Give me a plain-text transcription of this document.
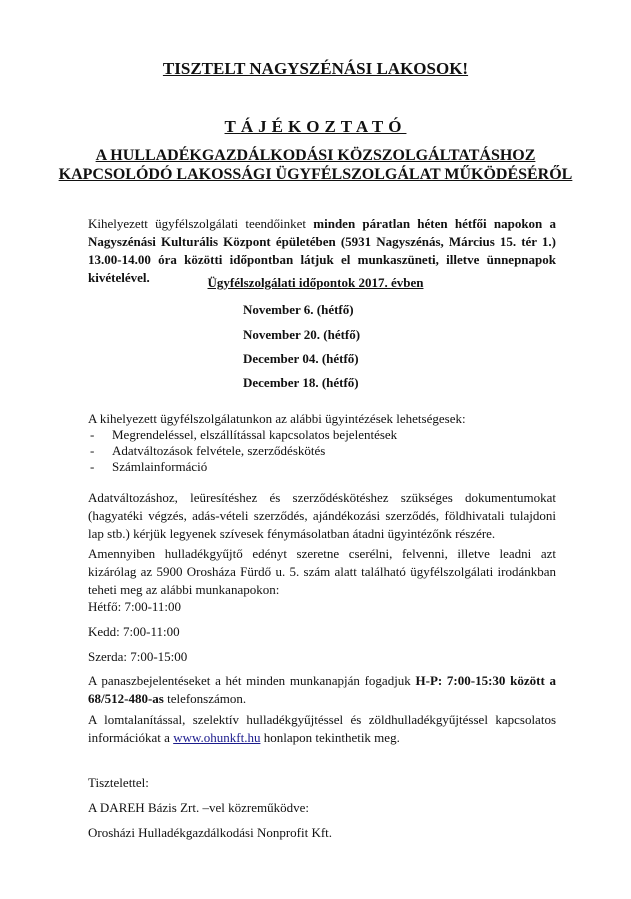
TISZTELT NAGYSZÉNÁSI LAKOSOK!
TÁJÉKOZTATÓ
A HULLADÉKGAZDÁLKODÁSI KÖZSZOLGÁLTATÁSHOZ
KAPCSOLÓDÓ LAKOSSÁGI ÜGYFÉLSZOLGÁLAT MŰKÖDÉSÉRŐL
Kihelyezett ügyfélszolgálati teendőinket minden páratlan héten hétfői napokon a Nagyszénási Kulturális Központ épületében (5931 Nagyszénás, Március 15. tér 1.) 13.00-14.00 óra közötti időpontban látjuk el munkaszüneti, illetve ünnepnapok kivételével.	Ügyfélszolgálati időpontok 2017. évben
November 6. (hétfő)
November 20. (hétfő)
December 04. (hétfő)
December 18. (hétfő)
A kihelyezett ügyfélszolgálatunkon az alábbi ügyintézések lehetségesek:
- Megrendeléssel, elszállítással kapcsolatos bejelentések
- Adatváltozások felvétele, szerződéskötés
- Számlainformáció
Adatváltozáshoz, leüresítéshez és szerződéskötéshez szükséges dokumentumokat (hagyatéki végzés, adás-vételi szerződés, ajándékozási szerződés, földhivatali tulajdoni lap stb.) kérjük legyenek szívesek fénymásolatban átadni ügyintézőnk részére.
Amennyiben hulladékgyűjtő edényt szeretne cserélni, felvenni, illetve leadni azt kizárólag az 5900 Orosháza Fürdő u. 5. szám alatt található ügyfélszolgálati irodánkban teheti meg az alábbi munkanapokon:
Hétfő: 7:00-11:00
Kedd: 7:00-11:00
Szerda: 7:00-15:00
A panaszbejelentéseket a hét minden munkanapján fogadjuk H-P: 7:00-15:30 között a 68/512-480-as telefonszámon.
A lomtalanítással, szelektív hulladékgyűjtéssel és zöldhulladékgyűjtéssel kapcsolatos információkat a www.ohunkft.hu honlapon tekinthetik meg.
Tisztelettel:
A DAREH Bázis Zrt. –vel közreműködve:
Orosházi Hulladékgazdálkodási Nonprofit Kft.
